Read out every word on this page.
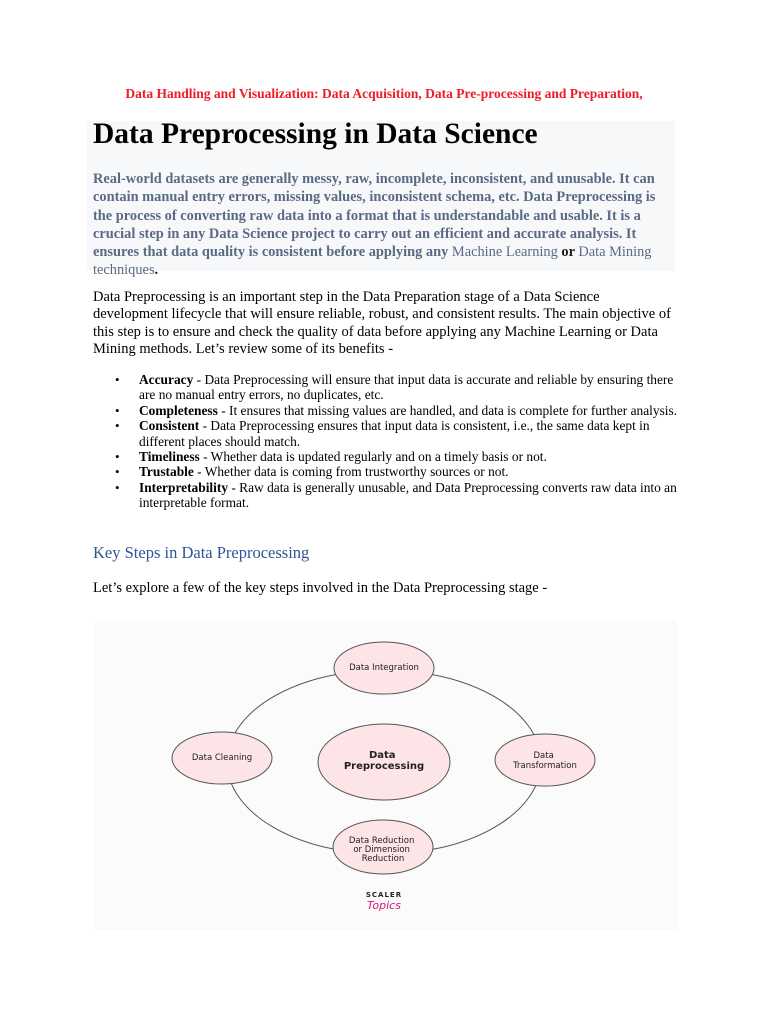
Data Handling and Visualization: Data Acquisition, Data Pre-processing and Preparation,
Data Preprocessing in Data Science

Real-world datasets are generally messy, raw, incomplete, inconsistent, and unusable. It can contain manual entry errors, missing values, inconsistent schema, etc. Data Preprocessing is the process of converting raw data into a format that is understandable and usable. It is a crucial step in any Data Science project to carry out an efficient and accurate analysis. It ensures that data quality is consistent before applying any Machine Learning or Data Mining techniques.

Data Preprocessing is an important step in the Data Preparation stage of a Data Science development lifecycle that will ensure reliable, robust, and consistent results. The main objective of this step is to ensure and check the quality of data before applying any Machine Learning or Data Mining methods. Let’s review some of its benefits -

• Accuracy - Data Preprocessing will ensure that input data is accurate and reliable by ensuring there are no manual entry errors, no duplicates, etc.
• Completeness - It ensures that missing values are handled, and data is complete for further analysis.
• Consistent - Data Preprocessing ensures that input data is consistent, i.e., the same data kept in different places should match.
• Timeliness - Whether data is updated regularly and on a timely basis or not.
• Trustable - Whether data is coming from trustworthy sources or not.
• Interpretability - Raw data is generally unusable, and Data Preprocessing converts raw data into an interpretable format.
Key Steps in Data Preprocessing

Let’s explore a few of the key steps involved in the Data Preprocessing stage -

Data Preprocessing
Data Integration
Data Cleaning	Data Transformation
Data Reduction or Dimension Reduction
SCALER
Topics
